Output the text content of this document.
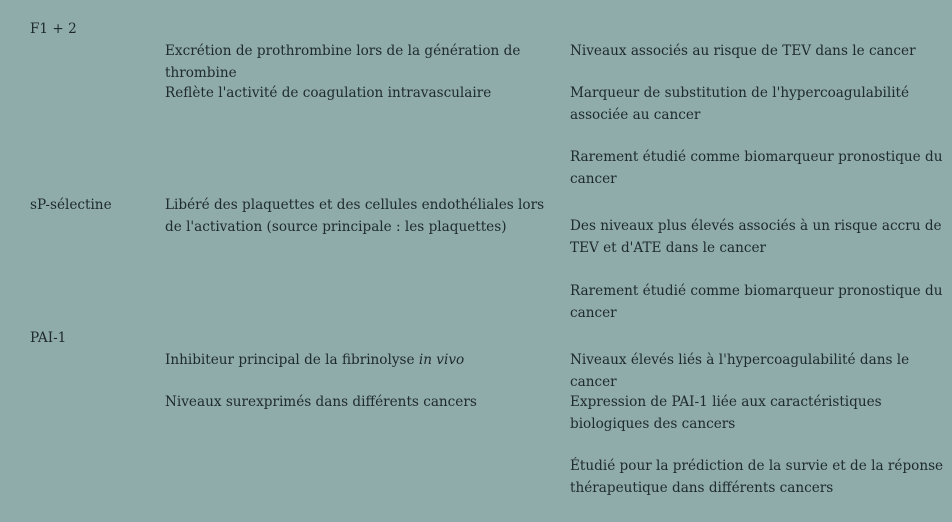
F1 + 2
Excrétion de prothrombine lors de la génération de thrombine
Reflète l'activité de coagulation intravasculaire
Niveaux associés au risque de TEV dans le cancer
Marqueur de substitution de l'hypercoagulabilité associée au cancer
Rarement étudié comme biomarqueur pronostique du cancer
sP-sélectine	Libéré des plaquettes et des cellules endothéliales lors de l'activation (source principale : les plaquettes)	Des niveaux plus élevés associés à un risque accru de TEV et d'ATE dans le cancer
Rarement étudié comme biomarqueur pronostique du cancer
PAI-1
Inhibiteur principal de la fibrinolyse in vivo
Niveaux surexprimés dans différents cancers
Niveaux élevés liés à l'hypercoagulabilité dans le cancer
Expression de PAI-1 liée aux caractéristiques biologiques des cancers
Étudié pour la prédiction de la survie et de la réponse thérapeutique dans différents cancers
